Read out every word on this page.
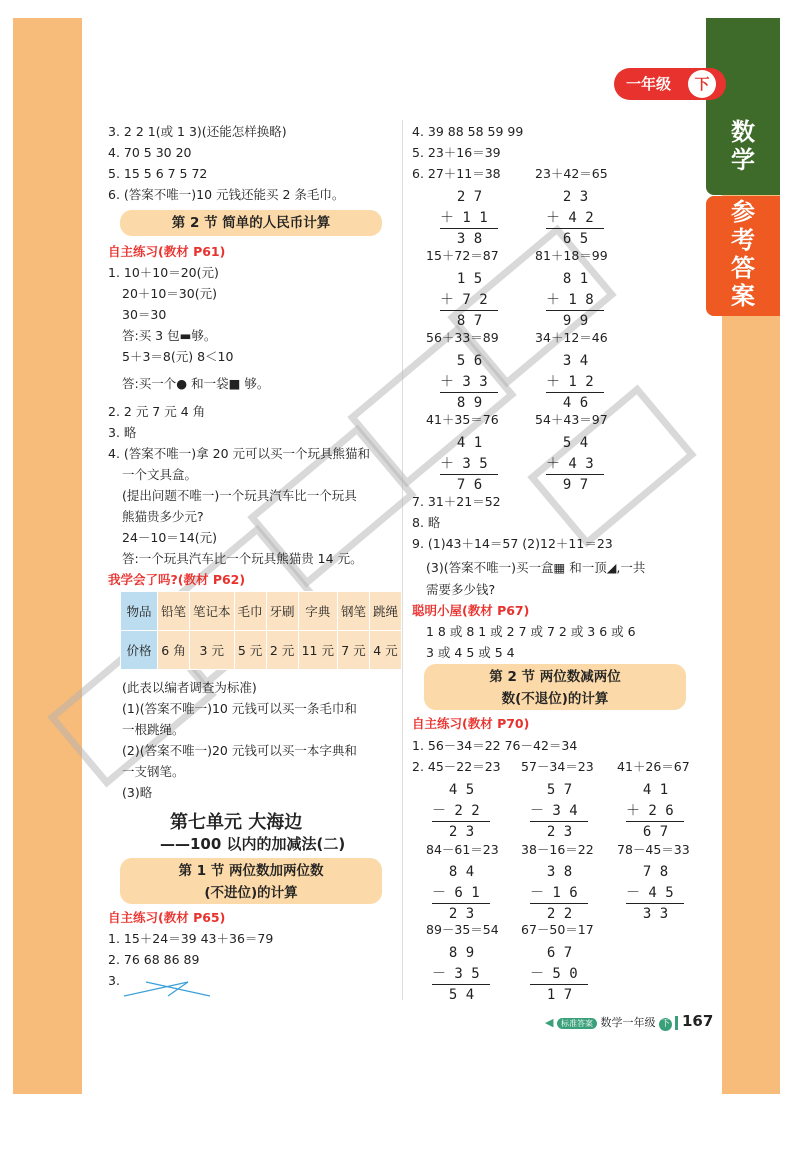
数学
参考答案
一年级	下
3. 2 2 1(或 1 3)(还能怎样换略)
4. 70 5 30 20
5. 15 5 6 7 5 72
6. (答案不唯一)10 元钱还能买 2 条毛巾。
第 2 节 简单的人民币计算
自主练习(教材 P61)
1. 10＋10＝20(元)
20＋10＝30(元)
30＝30
答:买 3 包▬够。
5＋3＝8(元) 8＜10
答:买一个● 和一袋■ 够。
2. 2 元 7 元 4 角
3. 略
4. (答案不唯一)拿 20 元可以买一个玩具熊猫和
一个文具盒。
(提出问题不唯一)一个玩具汽车比一个玩具
熊猫贵多少元?
24－10＝14(元)
答:一个玩具汽车比一个玩具熊猫贵 14 元。
我学会了吗?(教材 P62)
物品	铅笔	笔记本	毛巾	牙刷	字典	钢笔	跳绳
价格	6 角	3 元	5 元	2 元	11 元	7 元	4 元
(此表以编者调查为标准)
(1)(答案不唯一)10 元钱可以买一条毛巾和
一根跳绳。
(2)(答案不唯一)20 元钱可以买一本字典和
一支钢笔。
(3)略
第七单元 大海边
——100 以内的加减法(二)
第 1 节 两位数加两位数
(不进位)的计算
自主练习(教材 P65)
1. 15＋24＝39 43＋36＝79
2. 76 68 86 89
3.
4. 39 88 58 59 99
5. 23＋16＝39
6. 27＋11＝38	23＋42＝65
2 7
＋ 1 1
3 8
2 3
＋ 4 2
6 5
15＋72＝87	81＋18＝99
1 5
＋ 7 2
8 7
8 1
＋ 1 8
9 9
56＋33＝89	34＋12＝46
5 6
＋ 3 3
8 9
3 4
＋ 1 2
4 6
41＋35＝76	54＋43＝97
4 1
＋ 3 5
7 6
5 4
＋ 4 3
9 7
7. 31＋21＝52
8. 略
9. (1)43＋14＝57 (2)12＋11＝23
(3)(答案不唯一)买一盒▦ 和一顶◢,一共
需要多少钱?
聪明小屋(教材 P67)
1 8 或 8 1 或 2 7 或 7 2 或 3 6 或 6
3 或 4 5 或 5 4
第 2 节 两位数减两位
数(不退位)的计算
自主练习(教材 P70)
1. 56－34＝22 76－42＝34
2. 45－22＝23 57－34＝23 41＋26＝67
4 5
－ 2 2
2 3
5 7
－ 3 4
2 3
4 1
＋ 2 6
6 7
84－61＝23 38－16＝22 78－45＝33
8 4
－ 6 1
2 3
3 8
－ 1 6
2 2
7 8
－ 4 5
3 3
89－35＝54 67－50＝17
8 9
－ 3 5
5 4
6 7
－ 5 0
1 7
◀ 标准答案 数学一年级 下 167
